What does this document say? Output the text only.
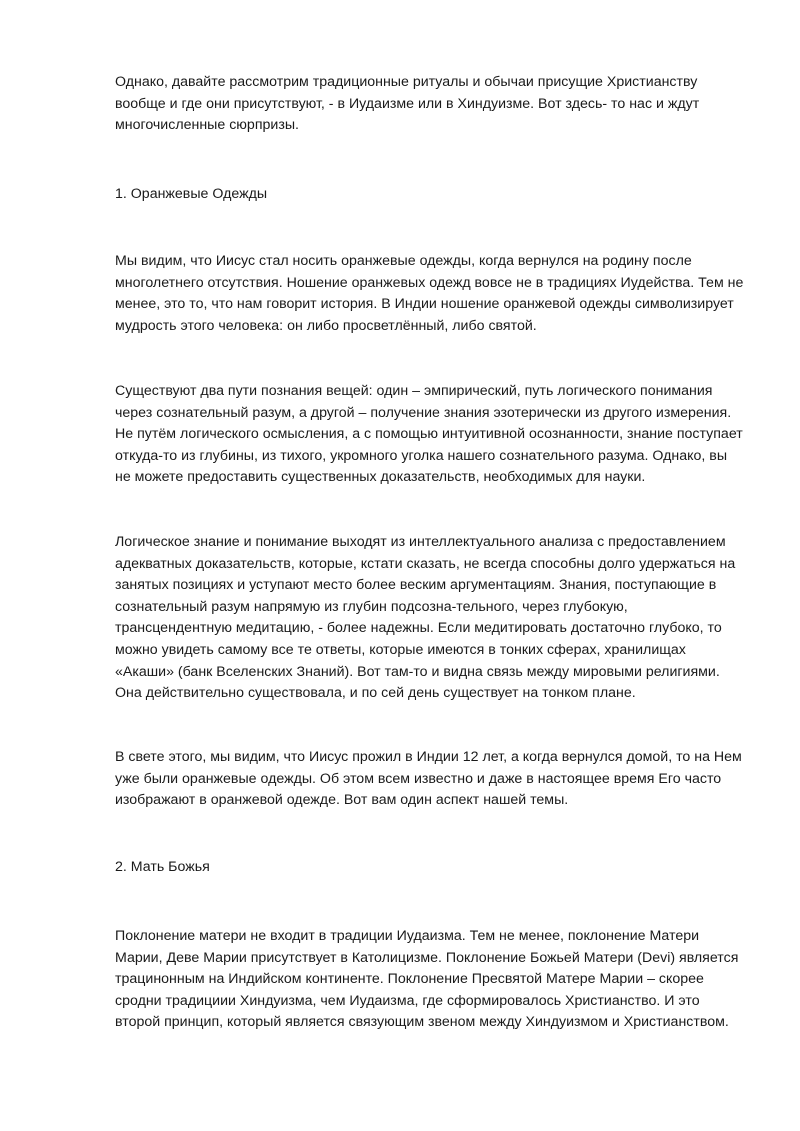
Однако, давайте рассмотрим традиционные ритуалы и обычаи присущие Христианству вообще и где они присутствуют, - в Иудаизме или в Хиндуизме. Вот здесь- то нас и ждут многочисленные сюрпризы.

1. Оранжевые Одежды

Мы видим, что Иисус стал носить оранжевые одежды, когда вернулся на родину после многолетнего отсутствия. Ношение оранжевых одежд вовсе не в традициях Иудейства. Тем не менее, это то, что нам говорит история. В Индии ношение оранжевой одежды символизирует мудрость этого человека: он либо просветлённый, либо святой.

Существуют два пути познания вещей: один – эмпирический, путь логического понимания через сознательный разум, а другой – получение знания эзотерически из другого измерения. Не путём логического осмысления, а с помощью интуитивной осознанности, знание поступает откуда-то из глубины, из тихого, укромного уголка нашего сознательного разума. Однако, вы не можете предоставить существенных доказательств, необходимых для науки.

Логическое знание и понимание выходят из интеллектуального анализа с предоставлением адекватных доказательств, которые, кстати сказать, не всегда способны долго удержаться на занятых позициях и уступают место более веским аргументациям. Знания, поступающие в сознательный разум напрямую из глубин подсозна-тельного, через глубокую, трансцендентную медитацию, - более надежны. Если медитировать достаточно глубоко, то можно увидеть самому все те ответы, которые имеются в тонких сферах, хранилищах «Акаши» (банк Вселенских Знаний). Вот там-то и видна связь между мировыми религиями. Она действительно существовала, и по сей день существует на тонком плане.

В свете этого, мы видим, что Иисус прожил в Индии 12 лет, а когда вернулся домой, то на Нем уже были оранжевые одежды. Об этом всем известно и даже в настоящее время Его часто изображают в оранжевой одежде. Вот вам один аспект нашей темы.

2. Мать Божья

Поклонение матери не входит в традиции Иудаизма. Тем не менее, поклонение Матери Марии, Деве Марии присутствует в Католицизме. Поклонение Божьей Матери (Devi) является трацинонным на Индийском континенте. Поклонение Пресвятой Матере Марии – скорее сродни традициии Хиндуизма, чем Иудаизма, где сформировалось Христианство. И это второй принцип, который является связующим звеном между Хиндуизмом и Христианством.
